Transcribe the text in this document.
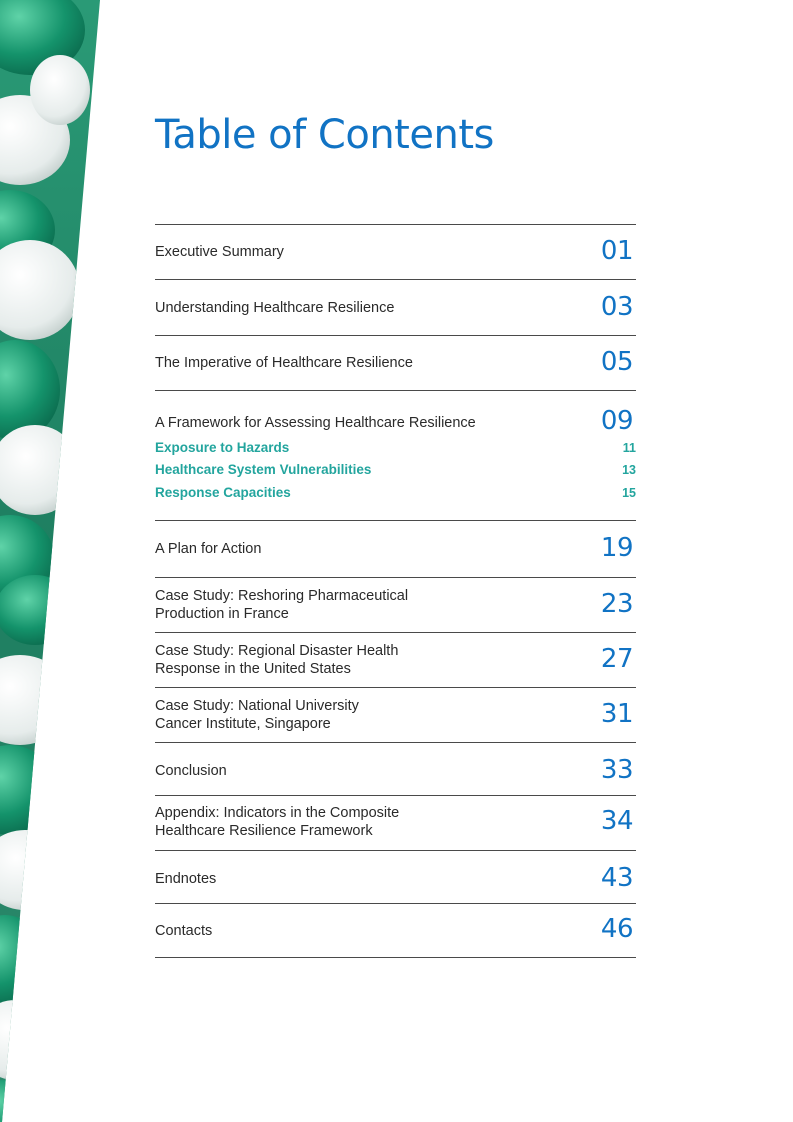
Table of Contents
Executive Summary	01
Understanding Healthcare Resilience	03
The Imperative of Healthcare Resilience	05
A Framework for Assessing Healthcare Resilience	09
Exposure to Hazards	11
Healthcare System Vulnerabilities	13
Response Capacities	15
A Plan for Action	19
Case Study: Reshoring Pharmaceutical
Production in France	23
Case Study: Regional Disaster Health
Response in the United States	27
Case Study: National University
Cancer Institute, Singapore	31
Conclusion	33
Appendix: Indicators in the Composite
Healthcare Resilience Framework	34
Endnotes	43
Contacts	46
